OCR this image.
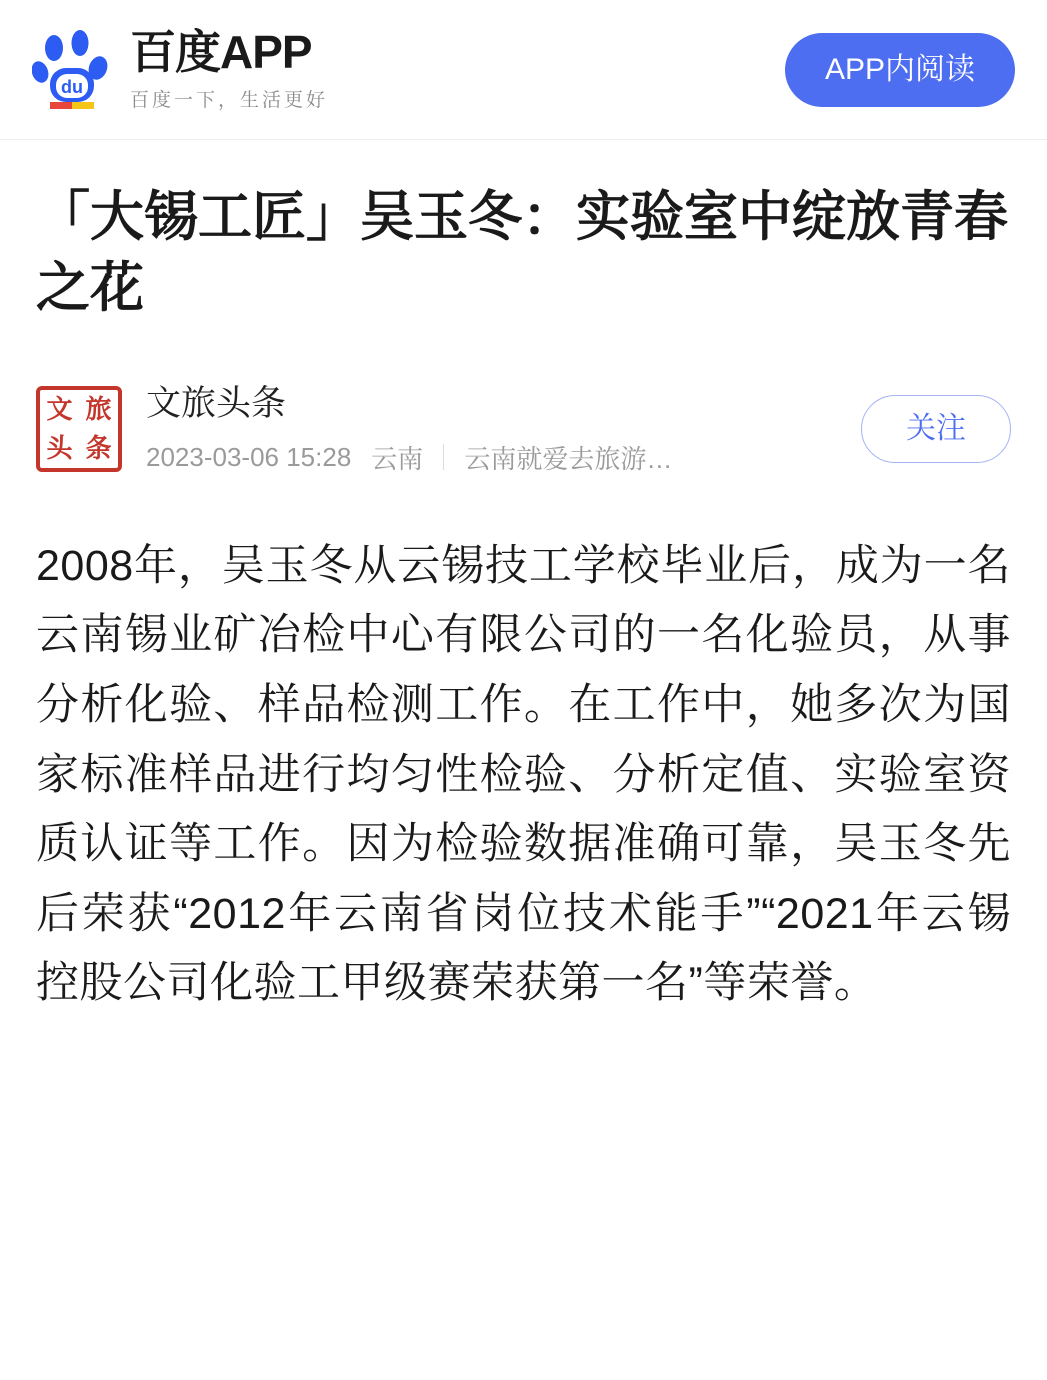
du
百度APP
百度一下，生活更好
APP内阅读
「大锡工匠」吴玉冬：实验室中绽放青春之花
文 旅
头 条
文旅头条
2023-03-06 15:28 云南 云南就爱去旅游…
关注

2008年，吴玉冬从云锡技工学校毕业后，成为一名云南锡业矿冶检中心有限公司的一名化验员，从事分析化验、样品检测工作。在工作中，她多次为国家标准样品进行均匀性检验、分析定值、实验室资质认证等工作。因为检验数据准确可靠，吴玉冬先后荣获“2012年云南省岗位技术能手”“2021年云锡控股公司化验工甲级赛荣获第一名”等荣誉。
